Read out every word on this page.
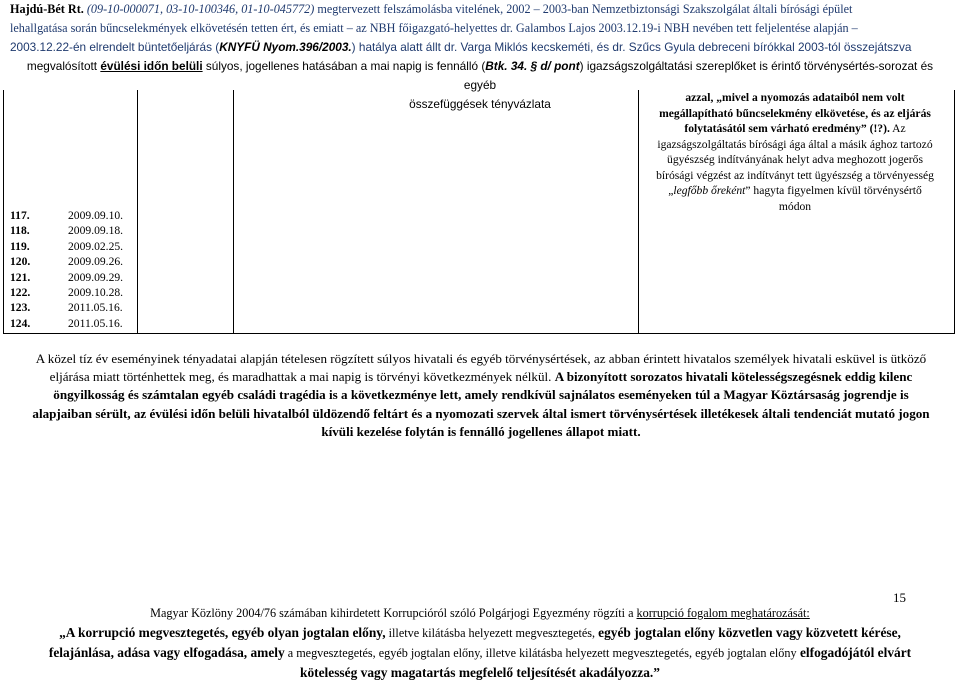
Hajdú-Bét Rt. (09-10-000071, 03-10-100346, 01-10-045772) megtervezett felszámolásba vitelének, 2002 – 2003-ban Nemzetbiztonsági Szakszolgálat általi bírósági épület
lehallgatása során bűncselekmények elkövetésén tetten ért, és emiatt – az NBH főigazgató-helyettes dr. Galambos Lajos 2003.12.19-i NBH nevében tett feljelentése alapján –
2003.12.22-én elrendelt büntetőeljárás (KNYFÜ Nyom.396/2003.) hatálya alatt állt dr. Varga Miklós kecskeméti, és dr. Szűcs Gyula debreceni bírókkal 2003-tól összejátszva
megvalósított évülési időn belüli súlyos, jogellenes hatásában a mai napig is fennálló (Btk. 34. § d/ pont) igazságszolgáltatási szereplőket is érintő törvénysértés-sorozat és egyéb
összefüggések tényvázlata
117.	2009.09.10.
118.	2009.09.18.
119.	2009.02.25.
120.	2009.09.26.
121.	2009.09.29.
122.	2009.10.28.
123.	2011.05.16.
124.	2011.05.16.
azzal, „mivel a nyomozás adataiból nem volt megállapítható bűncselekmény elkövetése, és az eljárás folytatásától sem várható eredmény” (!?). Az igazságszolgáltatás bírósági ága által a másik ághoz tartozó ügyészség indítványának helyt adva meghozott jogerős bírósági végzést az indítványt tett ügyészség a törvényesség „legfőbb őreként” hagyta figyelmen kívül törvénysértő módon
A közel tíz év eseményinek tényadatai alapján tételesen rögzített súlyos hivatali és egyéb törvénysértések, az abban érintett hivatalos személyek hivatali esküvel is ütköző eljárása miatt történhettek meg, és maradhattak a mai napig is törvényi következmények nélkül. A bizonyított sorozatos hivatali kötelességszegésnek eddig kilenc öngyilkosság és számtalan egyéb családi tragédia is a következménye lett, amely rendkívül sajnálatos eseményeken túl a Magyar Köztársaság jogrendje is alapjaiban sérült, az évülési időn belüli hivatalból üldözendő feltárt és a nyomozati szervek által ismert törvénysértések illetékesek általi tendenciát mutató jogon kívüli kezelése folytán is fennálló jogellenes állapot miatt.
15
Magyar Közlöny 2004/76 számában kihirdetett Korrupcióról szóló Polgárjogi Egyezmény rögzíti a korrupció fogalom meghatározását:
„A korrupció megvesztegetés, egyéb olyan jogtalan előny, illetve kilátásba helyezett megvesztegetés, egyéb jogtalan előny közvetlen vagy közvetett kérése, felajánlása, adása vagy elfogadása, amely a megvesztegetés, egyéb jogtalan előny, illetve kilátásba helyezett megvesztegetés, egyéb jogtalan előny elfogadójától elvárt kötelesség vagy magatartás megfelelő teljesítését akadályozza.”
